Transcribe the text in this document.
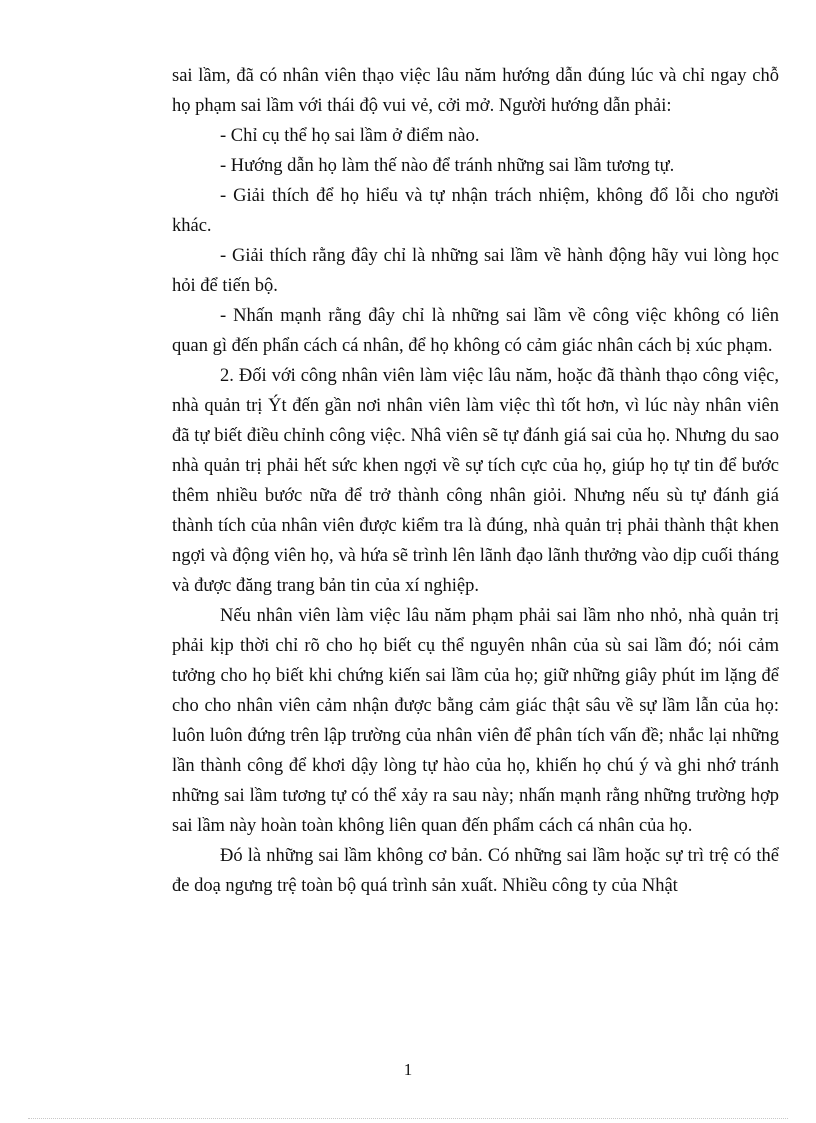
sai lầm, đã có nhân viên thạo việc lâu năm hướng dẫn đúng lúc và chỉ ngay chỗ họ phạm sai lầm với thái độ vui vẻ, cởi mở. Người hướng dẫn phải:

- Chỉ cụ thể họ sai lầm ở điểm nào.

- Hướng dẫn họ làm thế nào để tránh những sai lầm tương tự.

- Giải thích để họ hiểu và tự nhận trách nhiệm, không đổ lỗi cho người khác.

- Giải thích rằng đây chỉ là những sai lầm về hành động hãy vui lòng học hỏi để tiến bộ.

- Nhấn mạnh rằng đây chỉ là những sai lầm về công việc không có liên quan gì đến phẩn cách cá nhân, để họ không có cảm giác nhân cách bị xúc phạm.

2. Đối với công nhân viên làm việc lâu năm, hoặc đã thành thạo công việc, nhà quản trị Ýt đến gần nơi nhân viên làm việc thì tốt hơn, vì lúc này nhân viên đã tự biết điều chỉnh công việc. Nhâ viên sẽ tự đánh giá sai của họ. Nhưng du sao nhà quản trị phải hết sức khen ngợi về sự tích cực của họ, giúp họ tự tin để bước thêm nhiều bước nữa để trở thành công nhân giỏi. Nhưng nếu sù tự đánh giá thành tích của nhân viên được kiểm tra là đúng, nhà quản trị phải thành thật khen ngợi và động viên họ, và hứa sẽ trình lên lãnh đạo lãnh thưởng vào dịp cuối tháng và được đăng trang bản tin của xí nghiệp.

Nếu nhân viên làm việc lâu năm phạm phải sai lầm nho nhỏ, nhà quản trị phải kịp thời chỉ rõ cho họ biết cụ thể nguyên nhân của sù sai lầm đó; nói cảm tưởng cho họ biết khi chứng kiến sai lầm của họ; giữ những giây phút im lặng để cho cho nhân viên cảm nhận được bằng cảm giác thật sâu về sự lầm lẫn của họ: luôn luôn đứng trên lập trường của nhân viên để phân tích vấn đề; nhắc lại những lần thành công để khơi dậy lòng tự hào của họ, khiến họ chú ý và ghi nhớ tránh những sai lầm tương tự có thể xảy ra sau này; nhấn mạnh rằng những trường hợp sai lầm này hoàn toàn không liên quan đến phẩm cách cá nhân của họ.

Đó là những sai lầm không cơ bản. Có những sai lầm hoặc sự trì trệ có thể đe doạ ngưng trệ toàn bộ quá trình sản xuất. Nhiều công ty của Nhật

1
